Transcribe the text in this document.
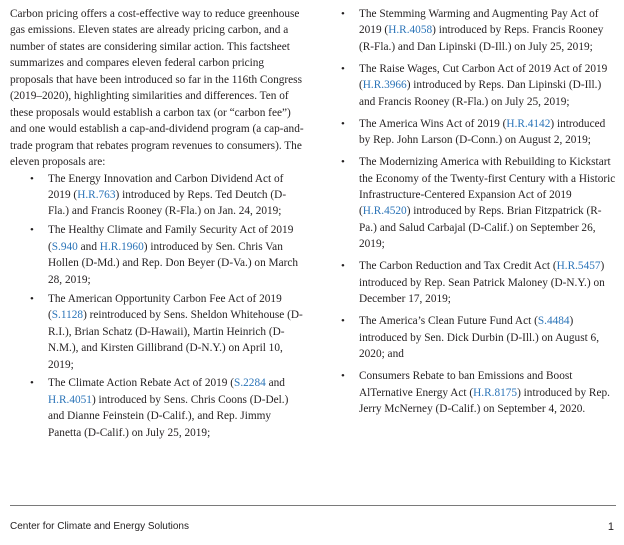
Carbon pricing offers a cost-effective way to reduce greenhouse gas emissions. Eleven states are already pricing carbon, and a number of states are considering similar action. This factsheet summarizes and compares eleven federal carbon pricing proposals that have been introduced so far in the 116th Congress (2019–2020), highlighting similarities and differences. Ten of these proposals would establish a carbon tax (or “carbon fee”) and one would establish a cap-and-dividend program (a cap-and-trade program that rebates program revenues to consumers). The eleven proposals are:

• The Energy Innovation and Carbon Dividend Act of 2019 (H.R.763) introduced by Reps. Ted Deutch (D-Fla.) and Francis Rooney (R-Fla.) on Jan. 24, 2019;
• The Healthy Climate and Family Security Act of 2019 (S.940 and H.R.1960) introduced by Sen. Chris Van Hollen (D-Md.) and Rep. Don Beyer (D-Va.) on March 28, 2019;
• The American Opportunity Carbon Fee Act of 2019 (S.1128) reintroduced by Sens. Sheldon Whitehouse (D-R.I.), Brian Schatz (D-Hawaii), Martin Heinrich (D-N.M.), and Kirsten Gillibrand (D-N.Y.) on April 10, 2019;
• The Climate Action Rebate Act of 2019 (S.2284 and H.R.4051) introduced by Sens. Chris Coons (D-Del.) and Dianne Feinstein (D-Calif.), and Rep. Jimmy Panetta (D-Calif.) on July 25, 2019;
• The Stemming Warming and Augmenting Pay Act of 2019 (H.R.4058) introduced by Reps. Francis Rooney (R-Fla.) and Dan Lipinski (D-Ill.) on July 25, 2019;
• The Raise Wages, Cut Carbon Act of 2019 Act of 2019 (H.R.3966) introduced by Reps. Dan Lipinski (D-Ill.) and Francis Rooney (R-Fla.) on July 25, 2019;
• The America Wins Act of 2019 (H.R.4142) introduced by Rep. John Larson (D-Conn.) on August 2, 2019;
• The Modernizing America with Rebuilding to Kickstart the Economy of the Twenty-first Century with a Historic Infrastructure-Centered Expansion Act of 2019 (H.R.4520) introduced by Reps. Brian Fitzpatrick (R-Pa.) and Salud Carbajal (D-Calif.) on September 26, 2019;
• The Carbon Reduction and Tax Credit Act (H.R.5457) introduced by Rep. Sean Patrick Maloney (D-N.Y.) on December 17, 2019;
• The America’s Clean Future Fund Act (S.4484) introduced by Sen. Dick Durbin (D-Ill.) on August 6, 2020; and
• Consumers Rebate to ban Emissions and Boost AlTernative Energy Act (H.R.8175) introduced by Rep. Jerry McNerney (D-Calif.) on September 4, 2020.
Center for Climate and Energy Solutions	1
